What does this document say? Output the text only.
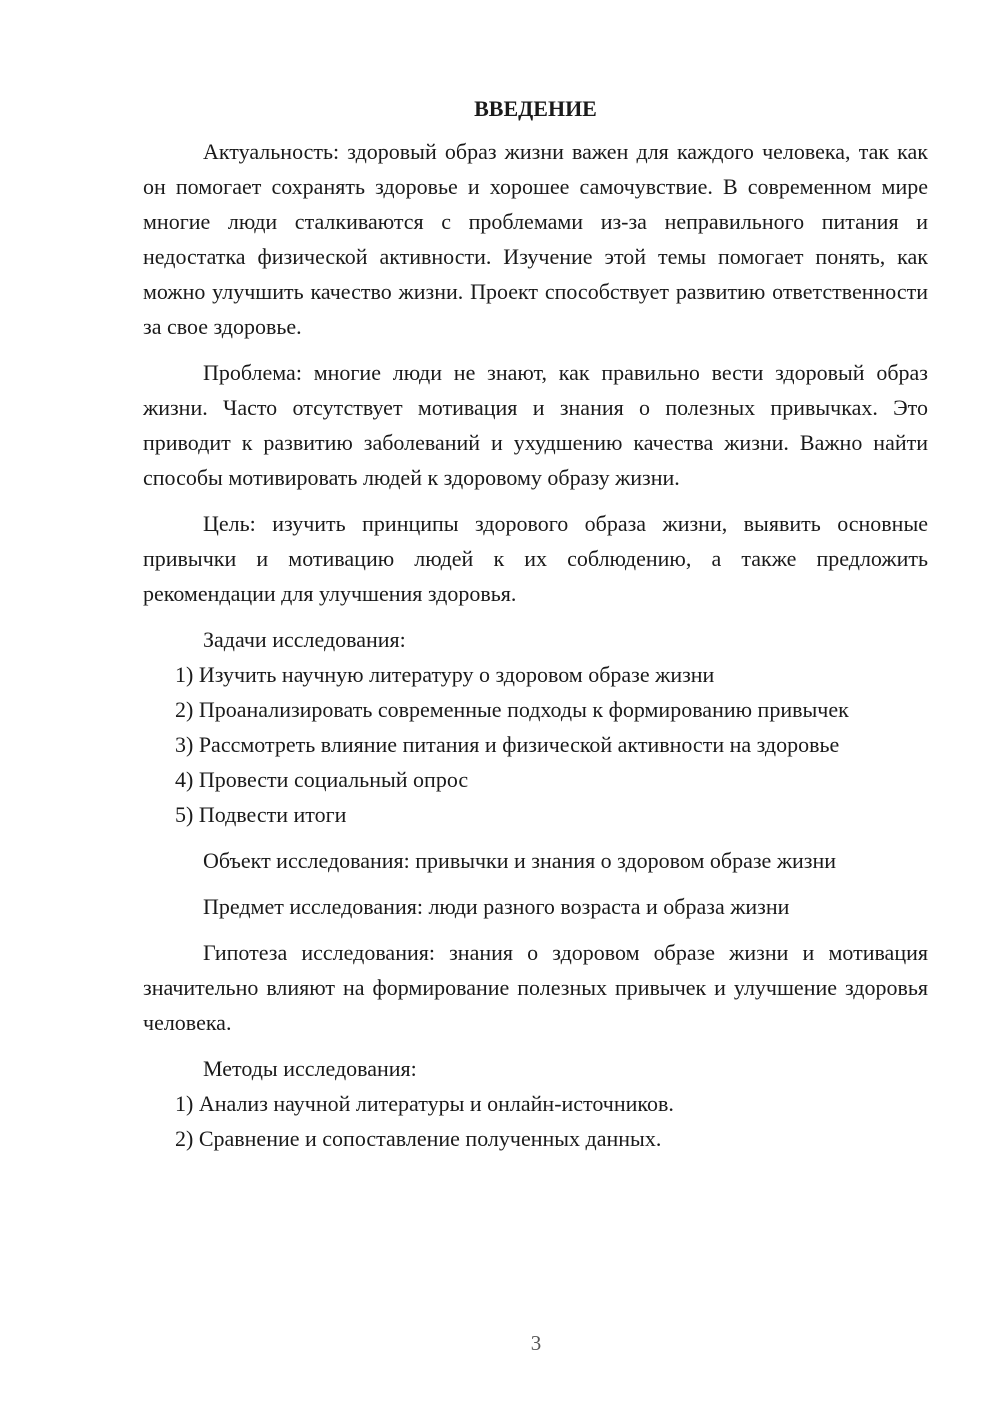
ВВЕДЕНИЕ

Актуальность: здоровый образ жизни важен для каждого человека, так как он помогает сохранять здоровье и хорошее самочувствие. В современном мире многие люди сталкиваются с проблемами из-за неправильного питания и недостатка физической активности. Изучение этой темы помогает понять, как можно улучшить качество жизни. Проект способствует развитию ответственности за свое здоровье.

Проблема: многие люди не знают, как правильно вести здоровый образ жизни. Часто отсутствует мотивация и знания о полезных привычках. Это приводит к развитию заболеваний и ухудшению качества жизни. Важно найти способы мотивировать людей к здоровому образу жизни.

Цель: изучить принципы здорового образа жизни, выявить основные привычки и мотивацию людей к их соблюдению, а также предложить рекомендации для улучшения здоровья.

Задачи исследования:

1) Изучить научную литературу о здоровом образе жизни

2) Проанализировать современные подходы к формированию привычек

3) Рассмотреть влияние питания и физической активности на здоровье

4) Провести социальный опрос

5) Подвести итоги

Объект исследования: привычки и знания о здоровом образе жизни

Предмет исследования: люди разного возраста и образа жизни

Гипотеза исследования: знания о здоровом образе жизни и мотивация значительно влияют на формирование полезных привычек и улучшение здоровья человека.

Методы исследования:

1) Анализ научной литературы и онлайн-источников.

2) Сравнение и сопоставление полученных данных.

3
